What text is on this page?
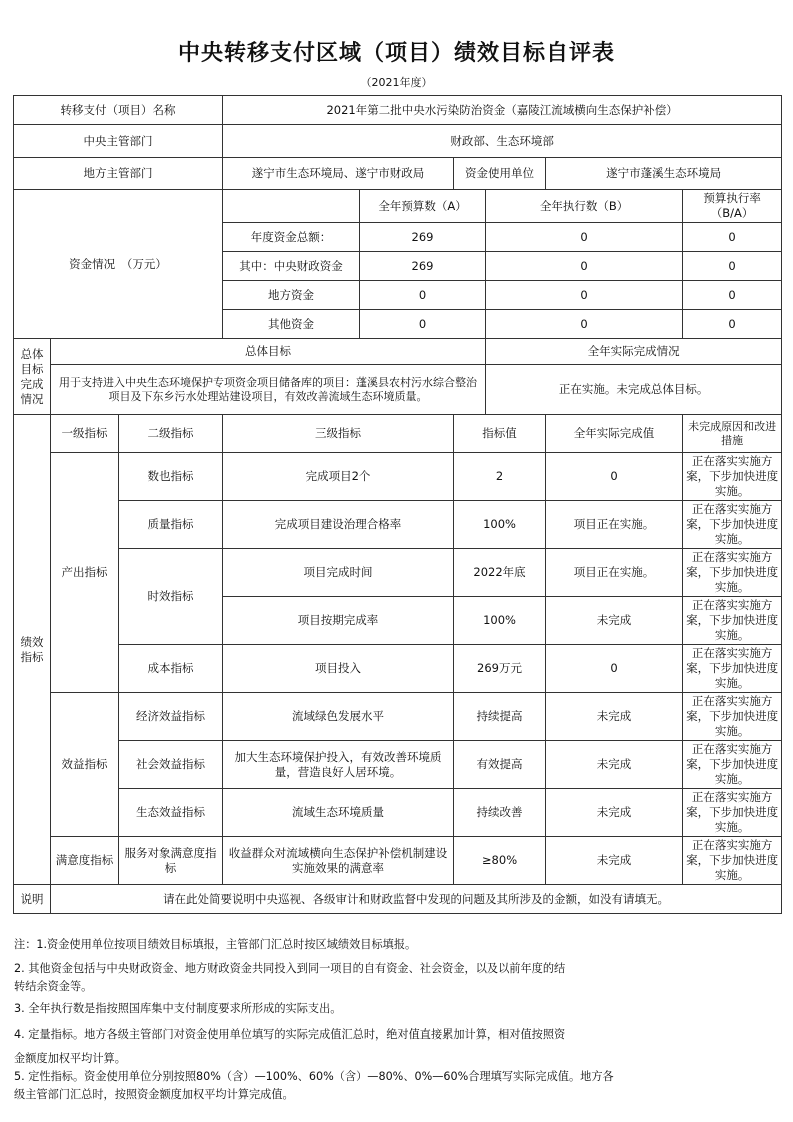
中央转移支付区域（项目）绩效目标自评表
（2021年度）
转移支付（项目）名称			2021年第二批中央水污染防治资金（嘉陵江流域横向生态保护补偿）					
中央主管部门			财政部、生态环境部					
地方主管部门			遂宁市生态环境局、遂宁市财政局		资金使用单位		遂宁市蓬溪生态环境局	
资金情况　（万元）				全年预算数（A）		全年执行数（B）		预算执行率（B/A）
			年度资金总额：	269		0		0
			其中：中央财政资金	269		0		0
			地方资金	0		0		0
			其他资金	0		0		0
总体目标完成情况	总体目标					全年实际完成情况		
	用于支持进入中央生态环境保护专项资金项目储备库的项目：蓬溪县农村污水综合整治项目及下东乡污水处理站建设项目，有效改善流域生态环境质量。					正在实施。未完成总体目标。		
绩效指标	一级指标	二级指标	三级指标		指标值		全年实际完成值	未完成原因和改进措施
	产出指标	数也指标	完成项目2个		2		0	正在落实实施方案，下步加快进度实施。
		质量指标	完成项目建设治理合格率		100%		项目正在实施。	正在落实实施方案，下步加快进度实施。
		时效指标	项目完成时间		2022年底		项目正在实施。	正在落实实施方案，下步加快进度实施。
			项目按期完成率		100%		未完成	正在落实实施方案，下步加快进度实施。
		成本指标	项目投入		269万元		0	正在落实实施方案，下步加快进度实施。
	效益指标	经济效益指标	流域绿色发展水平		持续提高		未完成	正在落实实施方案，下步加快进度实施。
		社会效益指标	加大生态环境保护投入，有效改善环境质量，营造良好人居环境。		有效提高		未完成	正在落实实施方案，下步加快进度实施。
		生态效益指标	流域生态环境质量		持续改善		未完成	正在落实实施方案，下步加快进度实施。
	满意度指标	服务对象满意度指标	收益群众对流域横向生态保护补偿机制建设实施效果的满意率		≥80%		未完成	正在落实实施方案，下步加快进度实施。
说明	请在此处简要说明中央巡视、各级审计和财政监督中发现的问题及其所涉及的金额，如没有请填无。							
注：1.资金使用单位按项目绩效目标填报，主管部门汇总时按区域绩效目标填报。
2. 其他资金包括与中央财政资金、地方财政资金共同投入到同一项目的自有资金、社会资金，以及以前年度的结
转结余资金等。
3. 全年执行数是指按照国库集中支付制度要求所形成的实际支出。
4. 定量指标。地方各级主管部门对资金使用单位填写的实际完成值汇总时，绝对值直接累加计算，相对值按照资
金额度加权平均计算。
5. 定性指标。资金使用单位分别按照80%（含）—100%、60%（含）—80%、0%—60%合理填写实际完成值。地方各
级主管部门汇总时，按照资金额度加权平均计算完成值。
